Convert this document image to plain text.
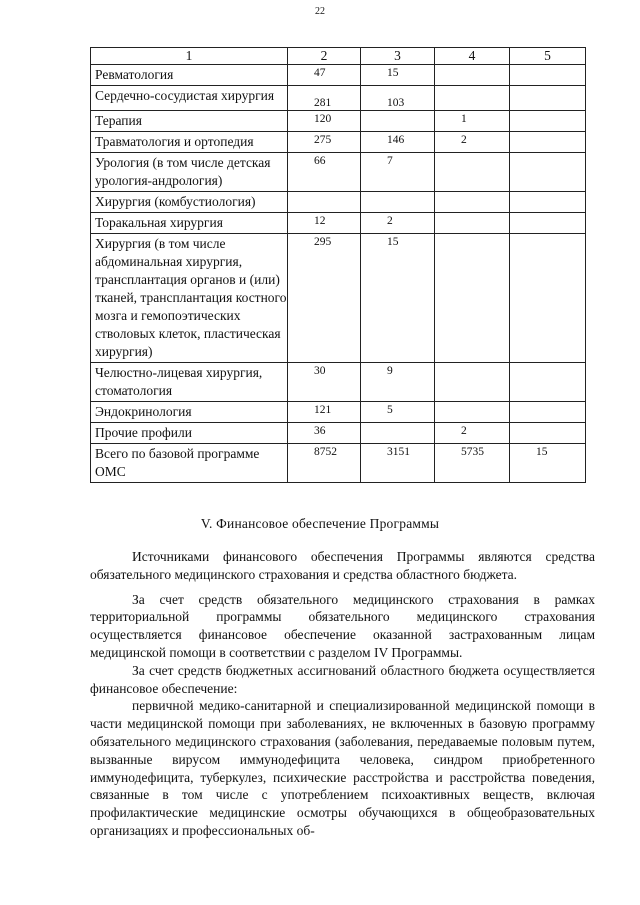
22
1	2	3	4	5
Ревматология	47	15		
Сердечно-сосудистая хирургия	281	103		
Терапия	120		1	
Травматология и ортопедия	275	146	2	
Урология (в том числе детская урология-андрология)	66	7		
Хирургия (комбустиология)				
Торакальная хирургия	12	2		
Хирургия (в том числе абдоминальная хирургия, трансплантация органов и (или) тканей, трансплантация костного мозга и гемопоэтических стволовых клеток, пластическая хирургия)	295	15		
Челюстно-лицевая хирургия, стоматология	30	9		
Эндокринология	121	5		
Прочие профили	36		2	
Всего по базовой программе ОМС	8752	3151	5735	15
V. Финансовое обеспечение Программы

Источниками финансового обеспечения Программы являются средства обязательного медицинского страхования и средства областного бюджета.

За счет средств обязательного медицинского страхования в рамках территориальной программы обязательного медицинского страхования осуществляется финансовое обеспечение оказанной застрахованным лицам медицинской помощи в соответствии с разделом IV Программы.

За счет средств бюджетных ассигнований областного бюджета осуществляется финансовое обеспечение:

первичной медико-санитарной и специализированной медицинской помощи в части медицинской помощи при заболеваниях, не включенных в базовую программу обязательного медицинского страхования (заболевания, передаваемые половым путем, вызванные вирусом иммунодефицита человека, синдром приобретенного иммунодефицита, туберкулез, психические расстройства и расстройства поведения, связанные в том числе с употреблением психоактивных веществ, включая профилактические медицинские осмотры обучающихся в общеобразовательных организациях и профессиональных об-
